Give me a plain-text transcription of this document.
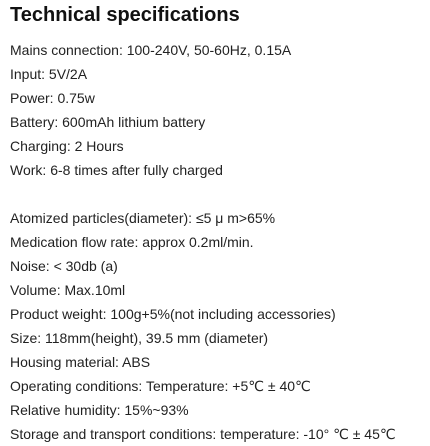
Technical specifications
Mains connection: 100-240V, 50-60Hz, 0.15A
Input: 5V/2A
Power: 0.75w
Battery: 600mAh lithium battery
Charging: 2 Hours
Work: 6-8 times after fully charged
Atomized particles(diameter): ≤5 μ m>65%
Medication flow rate: approx 0.2ml/min.
Noise: < 30db (a)
Volume: Max.10ml
Product weight: 100g+5%(not including accessories)
Size: 118mm(height), 39.5 mm (diameter)
Housing material: ABS
Operating conditions: Temperature: +5℃ ± 40℃
Relative humidity: 15%~93%
Storage and transport conditions: temperature: -10° ℃ ± 45℃
